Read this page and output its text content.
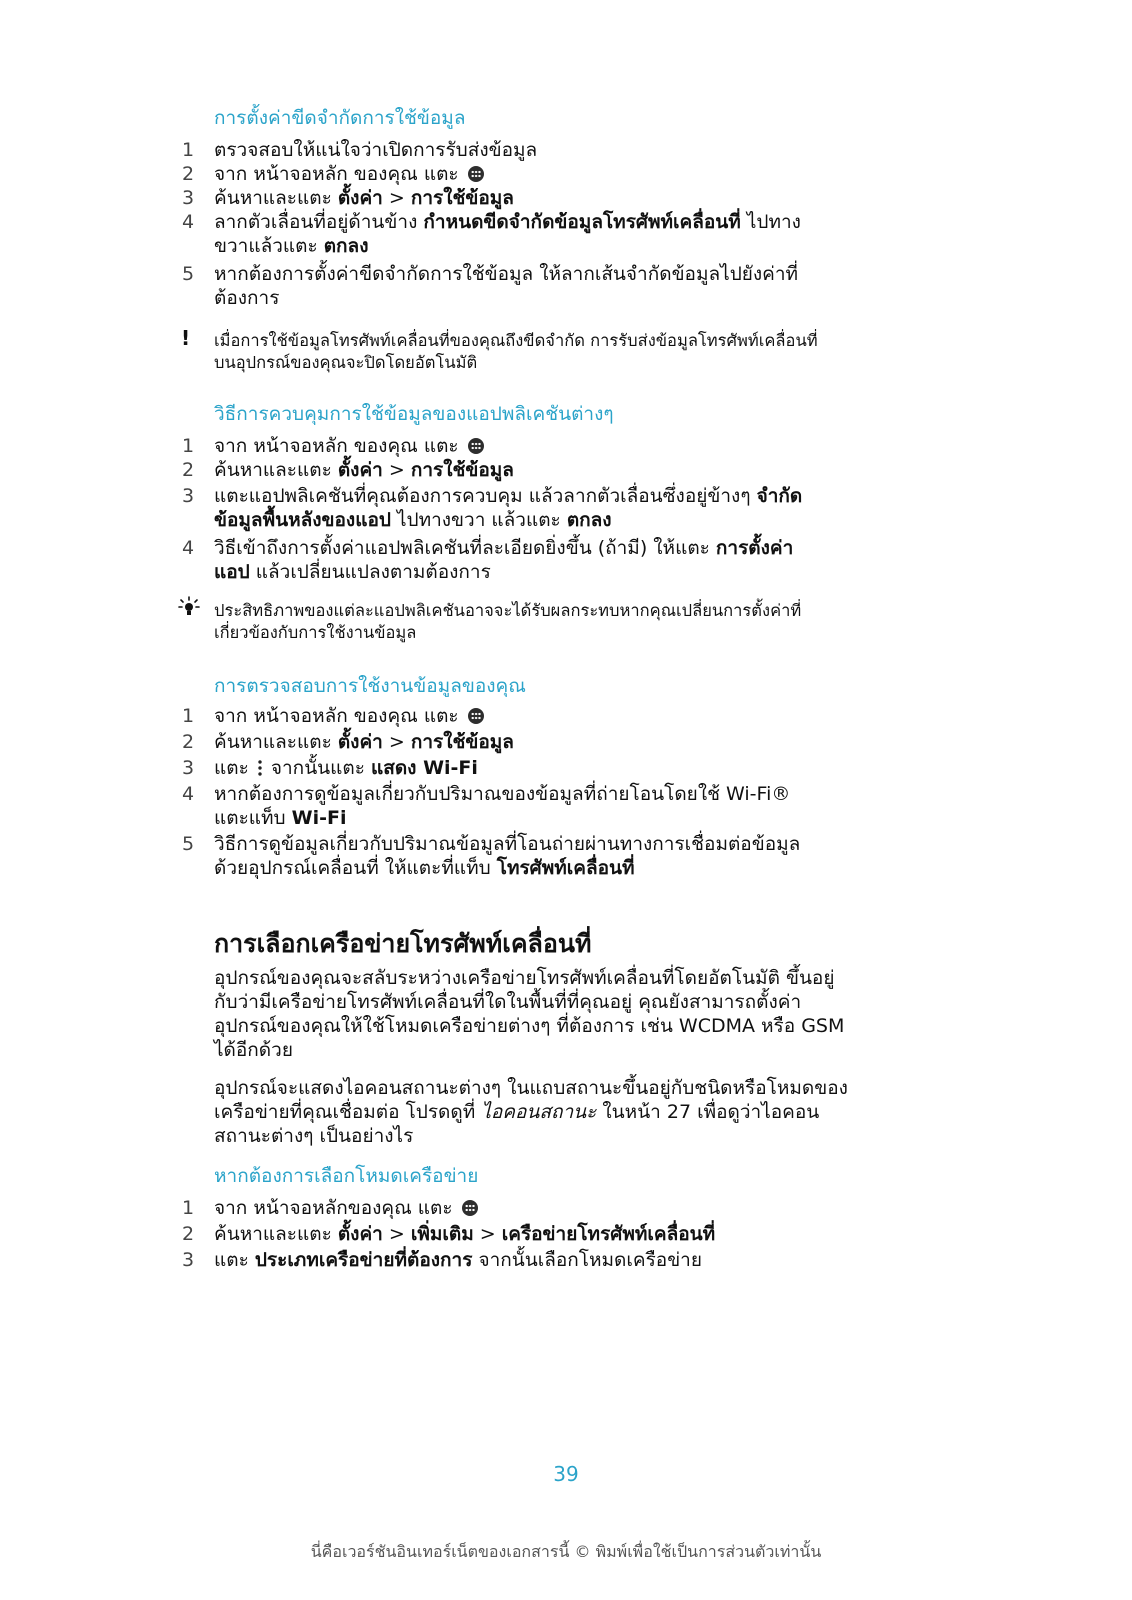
การตั้งค่าขีดจำกัดการใช้ข้อมูล
1	ตรวจสอบให้แน่ใจว่าเปิดการรับส่งข้อมูล
2	จาก หน้าจอหลัก ของคุณ แตะ
3	ค้นหาและแตะ ตั้งค่า > การใช้ข้อมูล
4	ลากตัวเลื่อนที่อยู่ด้านข้าง กำหนดขีดจำกัดข้อมูลโทรศัพท์เคลื่อนที่ ไปทาง
ขวาแล้วแตะ ตกลง
5	หากต้องการตั้งค่าขีดจำกัดการใช้ข้อมูล ให้ลากเส้นจำกัดข้อมูลไปยังค่าที่
ต้องการ
! เมื่อการใช้ข้อมูลโทรศัพท์เคลื่อนที่ของคุณถึงขีดจำกัด การรับส่งข้อมูลโทรศัพท์เคลื่อนที่
บนอุปกรณ์ของคุณจะปิดโดยอัตโนมัติ
วิธีการควบคุมการใช้ข้อมูลของแอปพลิเคชันต่างๆ
1	จาก หน้าจอหลัก ของคุณ แตะ
2	ค้นหาและแตะ ตั้งค่า > การใช้ข้อมูล
3	แตะแอปพลิเคชันที่คุณต้องการควบคุม แล้วลากตัวเลื่อนซึ่งอยู่ข้างๆ จำกัด
ข้อมูลพื้นหลังของแอป ไปทางขวา แล้วแตะ ตกลง
4	วิธีเข้าถึงการตั้งค่าแอปพลิเคชันที่ละเอียดยิ่งขึ้น (ถ้ามี) ให้แตะ การตั้งค่า
แอป แล้วเปลี่ยนแปลงตามต้องการ
ประสิทธิภาพของแต่ละแอปพลิเคชันอาจจะได้รับผลกระทบหากคุณเปลี่ยนการตั้งค่าที่
เกี่ยวข้องกับการใช้งานข้อมูล
การตรวจสอบการใช้งานข้อมูลของคุณ
1	จาก หน้าจอหลัก ของคุณ แตะ
2	ค้นหาและแตะ ตั้งค่า > การใช้ข้อมูล
3	แตะ  จากนั้นแตะ แสดง Wi-Fi
4	หากต้องการดูข้อมูลเกี่ยวกับปริมาณของข้อมูลที่ถ่ายโอนโดยใช้ Wi-Fi®
แตะแท็บ Wi-Fi
5	วิธีการดูข้อมูลเกี่ยวกับปริมาณข้อมูลที่โอนถ่ายผ่านทางการเชื่อมต่อข้อมูล
ด้วยอุปกรณ์เคลื่อนที่ ให้แตะที่แท็บ โทรศัพท์เคลื่อนที่
การเลือกเครือข่ายโทรศัพท์เคลื่อนที่
อุปกรณ์ของคุณจะสลับระหว่างเครือข่ายโทรศัพท์เคลื่อนที่โดยอัตโนมัติ ขึ้นอยู่
กับว่ามีเครือข่ายโทรศัพท์เคลื่อนที่ใดในพื้นที่ที่คุณอยู่ คุณยังสามารถตั้งค่า
อุปกรณ์ของคุณให้ใช้โหมดเครือข่ายต่างๆ ที่ต้องการ เช่น WCDMA หรือ GSM
ได้อีกด้วย
อุปกรณ์จะแสดงไอคอนสถานะต่างๆ ในแถบสถานะขึ้นอยู่กับชนิดหรือโหมดของ
เครือข่ายที่คุณเชื่อมต่อ โปรดดูที่ ไอคอนสถานะ ในหน้า 27 เพื่อดูว่าไอคอน
สถานะต่างๆ เป็นอย่างไร
หากต้องการเลือกโหมดเครือข่าย
1	จาก หน้าจอหลักของคุณ แตะ
2	ค้นหาและแตะ ตั้งค่า > เพิ่มเติม > เครือข่ายโทรศัพท์เคลื่อนที่
3	แตะ ประเภทเครือข่ายที่ต้องการ จากนั้นเลือกโหมดเครือข่าย
39
นี่คือเวอร์ชันอินเทอร์เน็ตของเอกสารนี้ © พิมพ์เพื่อใช้เป็นการส่วนตัวเท่านั้น
